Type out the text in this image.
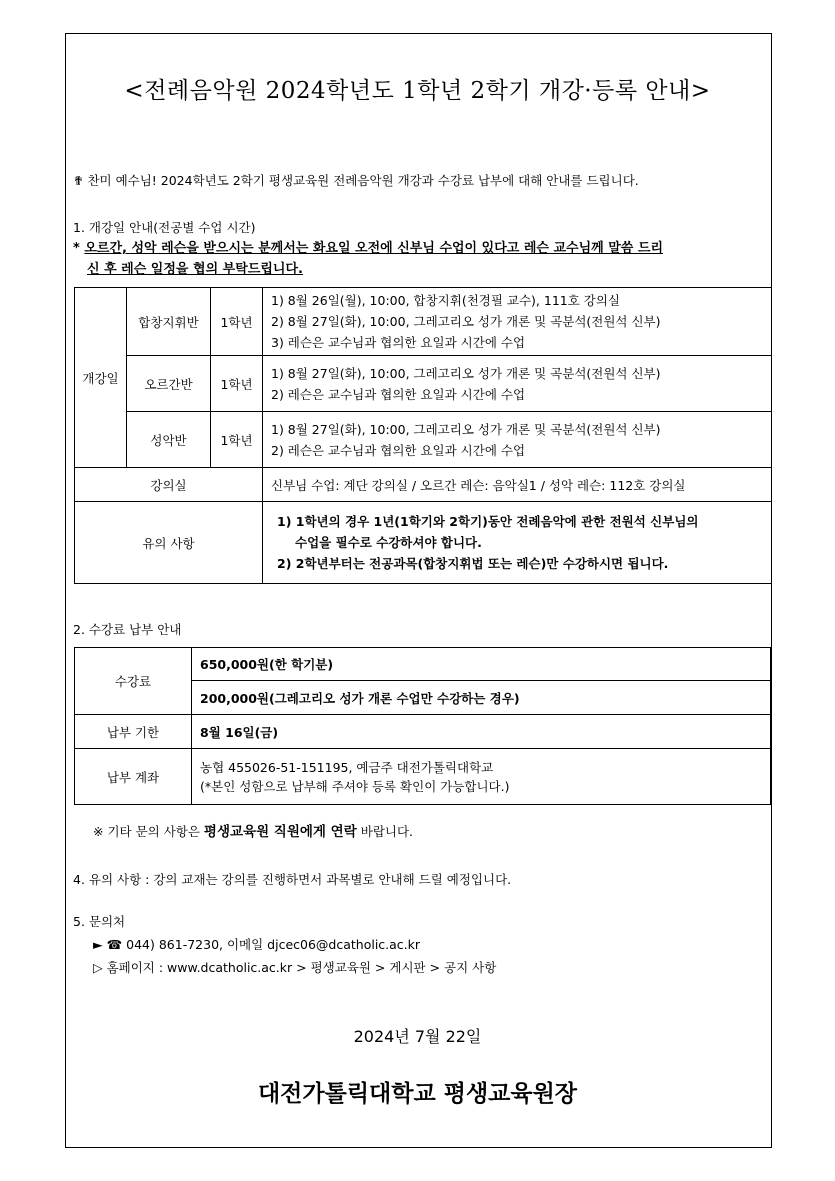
<전례음악원 2024학년도 1학년 2학기 개강·등록 안내>
✟ 찬미 예수님! 2024학년도 2학기 평생교육원 전례음악원 개강과 수강료 납부에 대해 안내를 드립니다.
1. 개강일 안내(전공별 수업 시간)
* 오르간, 성악 레슨을 받으시는 분께서는 화요일 오전에 신부님 수업이 있다고 레슨 교수님께 말씀 드리
신 후 레슨 일정을 협의 부탁드립니다.
개강일	합창지휘반	1학년	1) 8월 26일(월), 10:00, 합창지휘(천경필 교수), 111호 강의실
2) 8월 27일(화), 10:00, 그레고리오 성가 개론 및 곡분석(전원석 신부)
3) 레슨은 교수님과 협의한 요일과 시간에 수업

	오르간반	1학년	1) 8월 27일(화), 10:00, 그레고리오 성가 개론 및 곡분석(전원석 신부)
2) 레슨은 교수님과 협의한 요일과 시간에 수업

	성악반	1학년	1) 8월 27일(화), 10:00, 그레고리오 성가 개론 및 곡분석(전원석 신부)
2) 레슨은 교수님과 협의한 요일과 시간에 수업

강의실			신부님 수업: 계단 강의실 / 오르간 레슨: 음악실1 / 성악 레슨: 112호 강의실
유의 사항			1) 1학년의 경우 1년(1학기와 2학기)동안 전례음악에 관한 전원석 신부님의
수업을 필수로 수강하셔야 합니다.
2) 2학년부터는 전공과목(합창지휘법 또는 레슨)만 수강하시면 됩니다.
2. 수강료 납부 안내
수강료	650,000원(한 학기분)
	200,000원(그레고리오 성가 개론 수업만 수강하는 경우)
납부 기한	8월 16일(금)
납부 계좌	농협 455026-51-151195, 예금주 대전가톨릭대학교
(*본인 성함으로 납부해 주셔야 등록 확인이 가능합니다.)
※ 기타 문의 사항은 평생교육원 직원에게 연락 바랍니다.
4. 유의 사항 : 강의 교재는 강의를 진행하면서 과목별로 안내해 드릴 예정입니다.
5. 문의처
► ☎ 044) 861-7230, 이메일 djcec06@dcatholic.ac.kr
▷ 홈페이지 : www.dcatholic.ac.kr > 평생교육원 > 게시판 > 공지 사항
2024년 7월 22일
대전가톨릭대학교 평생교육원장
